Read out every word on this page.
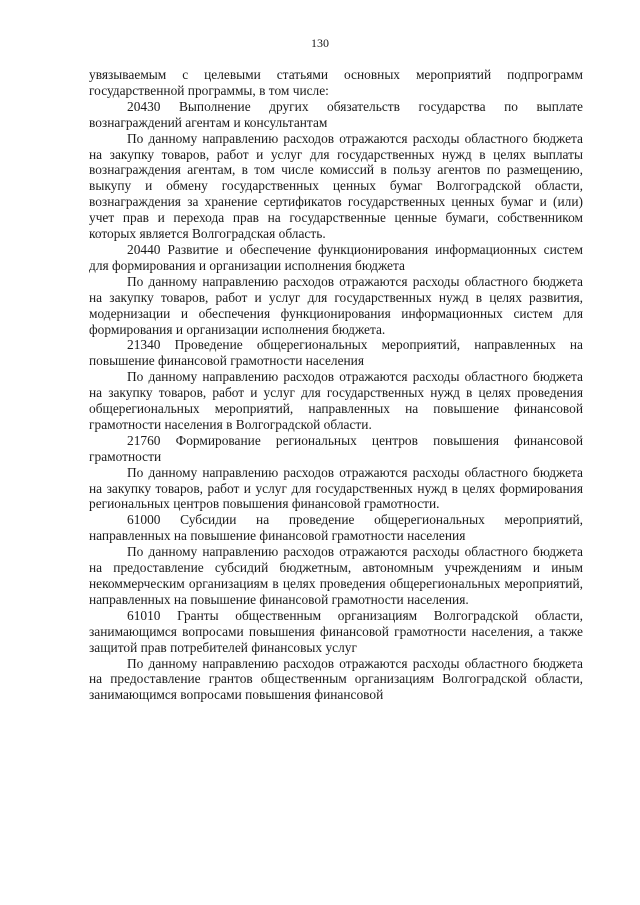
130

увязываемым с целевыми статьями основных мероприятий подпрограмм государственной программы, в том числе:

20430 Выполнение других обязательств государства по выплате вознаграждений агентам и консультантам

По данному направлению расходов отражаются расходы областного бюджета на закупку товаров, работ и услуг для государственных нужд в целях выплаты вознаграждения агентам, в том числе комиссий в пользу агентов по размещению, выкупу и обмену государственных ценных бумаг Волгоградской области, вознаграждения за хранение сертификатов государственных ценных бумаг и (или) учет прав и перехода прав на государственные ценные бумаги, собственником которых является Волгоградская область.

20440 Развитие и обеспечение функционирования информационных систем для формирования и организации исполнения бюджета

По данному направлению расходов отражаются расходы областного бюджета на закупку товаров, работ и услуг для государственных нужд в целях развития, модернизации и обеспечения функционирования информационных систем для формирования и организации исполнения бюджета.

21340 Проведение общерегиональных мероприятий, направленных на повышение финансовой грамотности населения

По данному направлению расходов отражаются расходы областного бюджета на закупку товаров, работ и услуг для государственных нужд в целях проведения общерегиональных мероприятий, направленных на повышение финансовой грамотности населения в Волгоградской области.

21760 Формирование региональных центров повышения финансовой грамотности

По данному направлению расходов отражаются расходы областного бюджета на закупку товаров, работ и услуг для государственных нужд в целях формирования региональных центров повышения финансовой грамотности.

61000 Субсидии на проведение общерегиональных мероприятий, направленных на повышение финансовой грамотности населения

По данному направлению расходов отражаются расходы областного бюджета на предоставление субсидий бюджетным, автономным учреждениям и иным некоммерческим организациям в целях проведения общерегиональных мероприятий, направленных на повышение финансовой грамотности населения.

61010 Гранты общественным организациям Волгоградской области, занимающимся вопросами повышения финансовой грамотности населения, а также защитой прав потребителей финансовых услуг

По данному направлению расходов отражаются расходы областного бюджета на предоставление грантов общественным организациям Волгоградской области, занимающимся вопросами повышения финансовой
